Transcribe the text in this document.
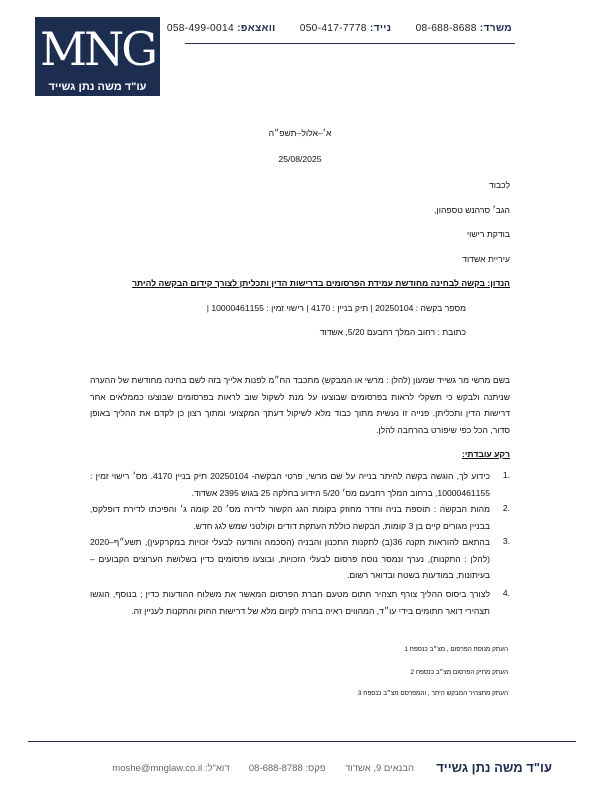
MNG
עו"ד משה נתן גשייד
משרד: 08-688-8688  נייד: 050-417-7778  וואצאפ: 058-499-0014
א׳–אלול–תשפ״ה
25/08/2025
לכבוד
הגב׳ סרהנש טספהון,
בודקת רישוי
עיריית אשדוד
הנדון: בקשה לבחינה מחודשת עמידת הפרסומים בדרישות הדין ותכליתן לצורך קידום הבקשה להיתר
מספר בקשה : 20250104 | תיק בניין : 4170 | רישוי זמין : 10000461155 |
כתובת : רחוב המלך רחבעם 5/20, אשדוד
בשם מרשי מר גשייד שמעון (להלן : מרשי או המבקש) מתכבד הח״מ לפנות אלייך בזה לשם בחינה מחודשת של ההערה שניתנה ולבקש כי תשקלי לראות בפרסומים שבוצעו על מנת לשקול שוב לראות בפרסומים שבוצעו כממלאים אחר דרישות הדין ותכליתן. פנייה זו נעשית מתוך כבוד מלא לשיקול דעתך המקצועי ומתוך רצון כן לקדם את ההליך באופן סדור, הכל כפי שיפורט בהרחבה להלן.
רקע עובדתי:
1.
כידוע לך, הוגשה בקשה להיתר בנייה על שם מרשי, פרטי הבקשה- 20250104 תיק בניין 4170. מס׳ רישוי זמין : 10000461155, ברחוב המלך רחבעם מס׳ 5/20 הידוע בחלקה 25 בגוש 2395 אשדוד.
2.
מהות הבקשה : תוספת בניה וחדר מחוזק בקומת הגג הקשור לדירה מס׳ 20 קומה ג׳ והפיכתו לדירת דופלקס, בבניין מגורים קיים בן 3 קומות, הבקשה כוללת העתקת דודים וקולטני שמש לגג חדש.
3.
בהתאם להוראות תקנה 36(ב) לתקנות התכנון והבניה (הסכמה והודעה לבעלי זכויות במקרקעין), תשע״ף–2020 (להלן : התקנות), נערך ונמסר נוסח פרסום לבעלי הזכויות, ובוצעו פרסומים כדין בשלושת הערוצים הקבועים – בעיתונות, במודעות בשטח ובדואר רשום.
4.
לצורך ביסוס ההליך צורף תצהיר חתום מטעם חברת הפרסום המאשר את משלוח ההודעות כדין ; בנוסף, הוגשו תצהירי דואר חתומים בידי עו״ד, המהווים ראיה ברורה לקיום מלא של דרישות החוק והתקנות לעניין זה.
העתק מנוסח הפרסום , מצ״ב כנספח 1
העתק מתיק הפרסום מצ״ב כנספח 2
העתק מתצהיר המבקש היתר , והמפרסם מצ״ב כנספח 3
עו"ד משה נתן גשייד
הבנאים 9, אשדוד  פקס: 08-688-8788  דוא"ל: moshe@mnglaw.co.il
